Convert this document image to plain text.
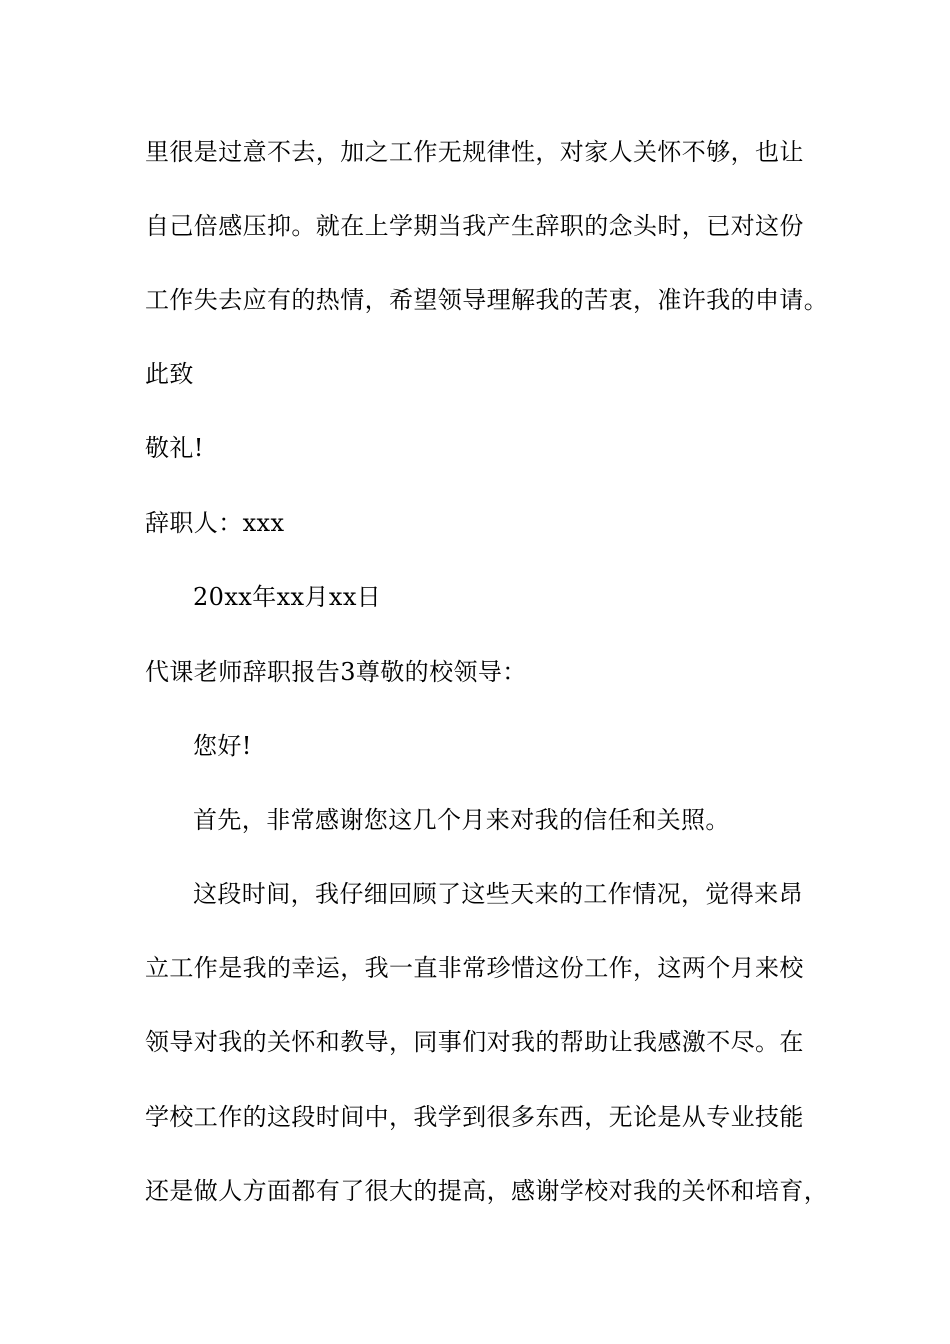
里很是过意不去，加之工作无规律性，对家人关怀不够，也让
自己倍感压抑。就在上学期当我产生辞职的念头时，已对这份
工作失去应有的热情，希望领导理解我的苦衷，准许我的申请。
此致
敬礼!
辞职人：xxx
20xx年xx月xx日
代课老师辞职报告3尊敬的校领导：
您好!
首先，非常感谢您这几个月来对我的信任和关照。
这段时间，我仔细回顾了这些天来的工作情况，觉得来昂
立工作是我的幸运，我一直非常珍惜这份工作，这两个月来校
领导对我的关怀和教导，同事们对我的帮助让我感激不尽。在
学校工作的这段时间中，我学到很多东西，无论是从专业技能
还是做人方面都有了很大的提高，感谢学校对我的关怀和培育，
